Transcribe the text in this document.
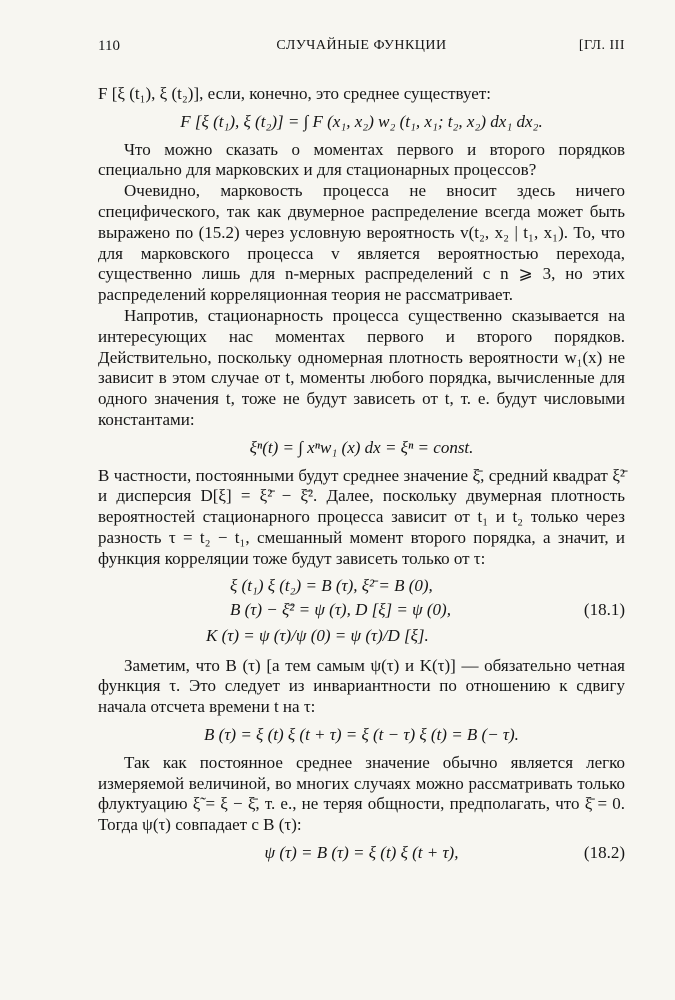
110	СЛУЧАЙНЫЕ ФУНКЦИИ	[ГЛ. III

F [ξ (t₁), ξ (t₂)], если, конечно, это среднее существует:

F [ξ (t₁), ξ (t₂)] = ∫ F (x₁, x₂) w₂ (t₁, x₁; t₂, x₂) dx₁ dx₂.

Что можно сказать о моментах первого и второго порядков специально для марковских и для стационарных процессов?

Очевидно, марковость процесса не вносит здесь ничего специфического, так как двумерное распределение всегда может быть выражено по (15.2) через условную вероятность v(t₂, x₂ | t₁, x₁). То, что для марковского процесса v является вероятностью перехода, существенно лишь для n-мерных распределений с n ⩾ 3, но этих распределений корреляционная теория не рассматривает.

Напротив, стационарность процесса существенно сказывается на интересующих нас моментах первого и второго порядков. Действительно, поскольку одномерная плотность вероятности w₁(x) не зависит в этом случае от t, моменты любого порядка, вычисленные для одного значения t, тоже не будут зависеть от t, т. е. будут числовыми константами:

ξⁿ(t) = ∫ xⁿw₁ (x) dx = ξⁿ = const.

В частности, постоянными будут среднее значение ξ̄, средний квадрат ξ²̄ и дисперсия D[ξ] = ξ²̄ − ξ̄². Далее, поскольку двумерная плотность вероятностей стационарного процесса зависит от t₁ и t₂ только через разность τ = t₂ − t₁, смешанный момент второго порядка, а значит, и функция корреляции тоже будут зависеть только от τ:

ξ (t₁) ξ (t₂) = B (τ), ξ²̄ = B (0),
B (τ) − ξ̄² = ψ (τ), D [ξ] = ψ (0),
K (τ) = ψ (τ)/ψ (0) = ψ (τ)/D [ξ].
(18.1)

Заметим, что B (τ) [а тем самым ψ(τ) и K(τ)] — обязательно четная функция τ. Это следует из инвариантности по отношению к сдвигу начала отсчета времени t на τ:

B (τ) = ξ (t) ξ (t + τ) = ξ (t − τ) ξ (t) = B (− τ).

Так как постоянное среднее значение обычно является легко измеряемой величиной, во многих случаях можно рассматривать только флуктуацию ξ̃ = ξ − ξ̄, т. е., не теряя общности, предполагать, что ξ̄ = 0. Тогда ψ(τ) совпадает с B (τ):

ψ (τ) = B (τ) = ξ (t) ξ (t + τ),	(18.2)
